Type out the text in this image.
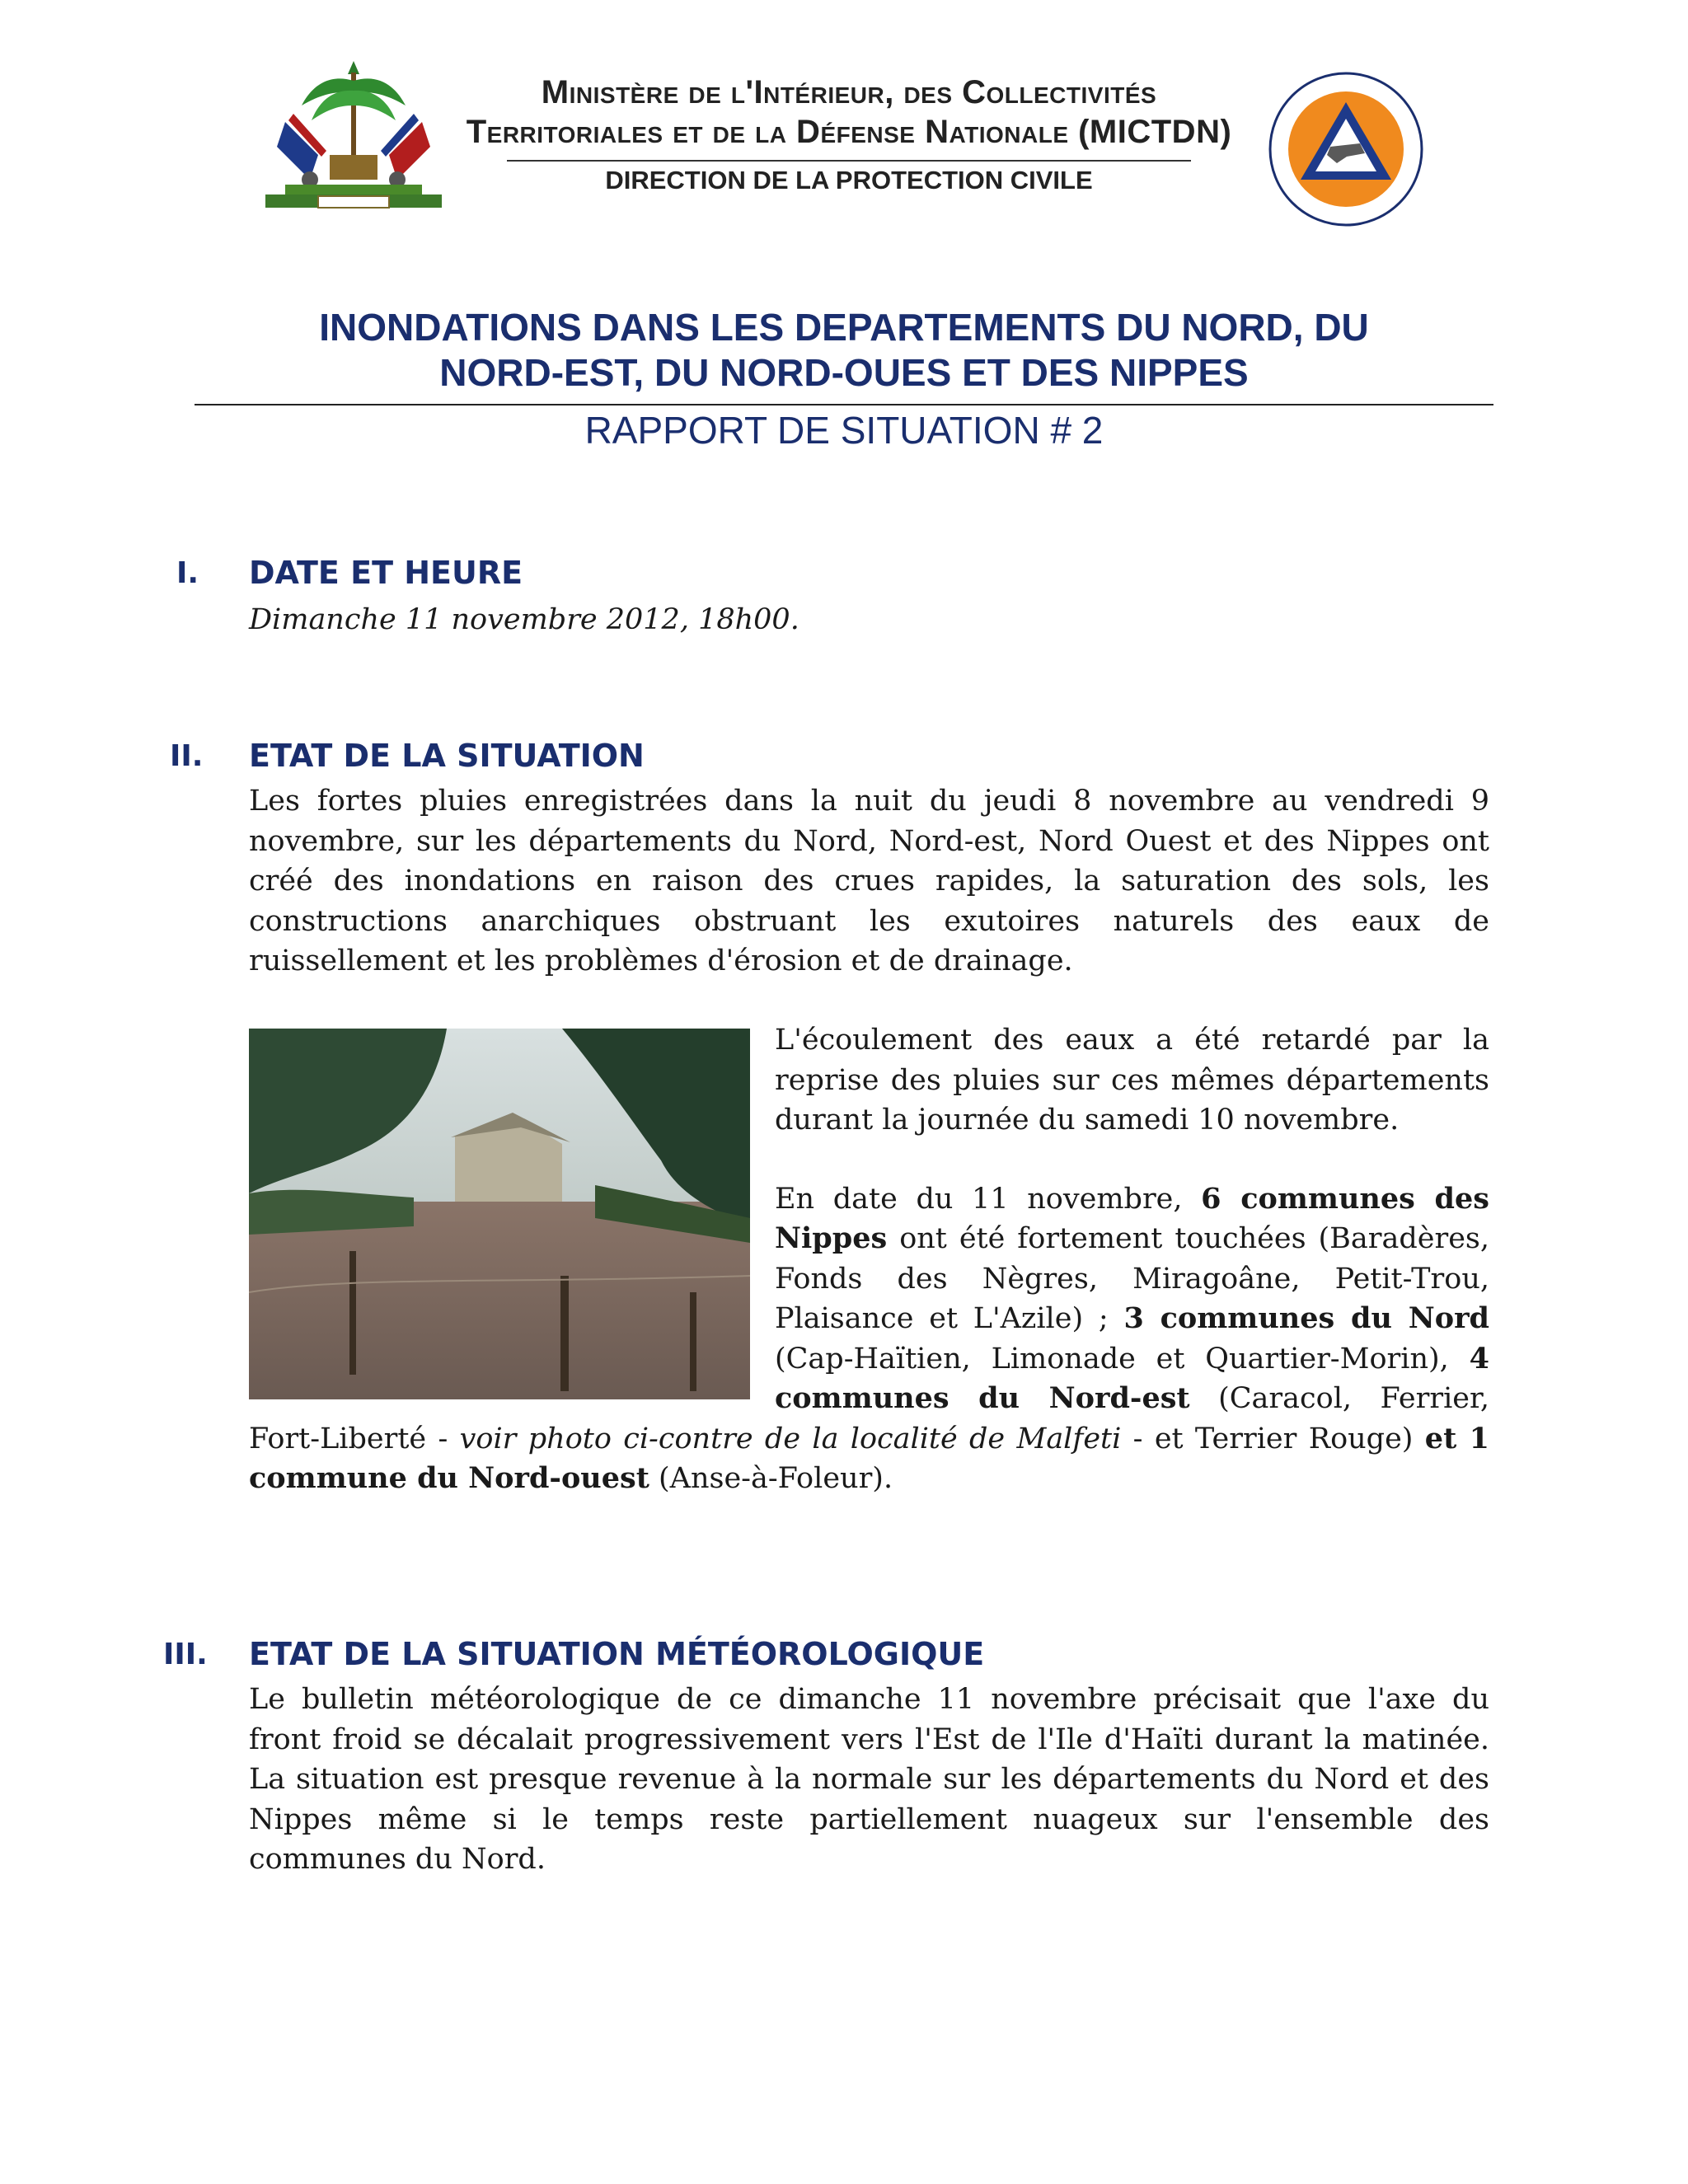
Ministère de l'Intérieur, des Collectivités
Territoriales et de la Défense Nationale (MICTDN)
DIRECTION DE LA PROTECTION CIVILE
INONDATIONS DANS LES DEPARTEMENTS DU NORD, DU
NORD-EST, DU NORD-OUES ET DES NIPPES
RAPPORT DE SITUATION # 2
I. DATE ET HEURE
Dimanche 11 novembre 2012, 18h00.
II. ETAT DE LA SITUATION
Les fortes pluies enregistrées dans la nuit du jeudi 8 novembre au vendredi 9 novembre, sur les départements du Nord, Nord-est, Nord Ouest et des Nippes ont créé des inondations en raison des crues rapides, la saturation des sols, les constructions anarchiques obstruant les exutoires naturels des eaux de ruissellement et les problèmes d'érosion et de drainage.

L'écoulement des eaux a été retardé par la reprise des pluies sur ces mêmes départements durant la journée du samedi 10 novembre.

En date du 11 novembre, 6 communes des Nippes ont été fortement touchées (Baradères, Fonds des Nègres, Miragoâne, Petit-Trou, Plaisance et L'Azile) ; 3 communes du Nord (Cap-Haïtien, Limonade et Quartier-Morin), 4 communes du Nord-est (Caracol, Ferrier, Fort-Liberté - voir photo ci-contre de la localité de Malfeti - et Terrier Rouge) et 1 commune du Nord-ouest (Anse-à-Foleur).

III. ETAT DE LA SITUATION MÉTÉOROLOGIQUE
Le bulletin météorologique de ce dimanche 11 novembre précisait que l'axe du front froid se décalait progressivement vers l'Est de l'Ile d'Haïti durant la matinée. La situation est presque revenue à la normale sur les départements du Nord et des Nippes même si le temps reste partiellement nuageux sur l'ensemble des communes du Nord.
